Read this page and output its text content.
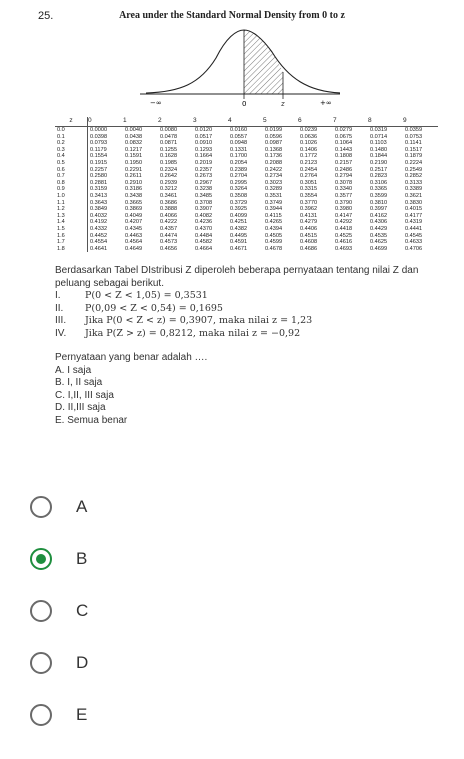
25.	Area under the Standard Normal Density from 0 to z
−∞	0	z	+∞
z	0	1	2	3	4	5	6	7	8	9
0.0	0.0000	0.0040	0.0080	0.0120	0.0160	0.0199	0.0239	0.0279	0.0319	0.0359
0.1	0.0398	0.0438	0.0478	0.0517	0.0557	0.0596	0.0636	0.0675	0.0714	0.0753
0.2	0.0793	0.0832	0.0871	0.0910	0.0948	0.0987	0.1026	0.1064	0.1103	0.1141
0.3	0.1179	0.1217	0.1255	0.1293	0.1331	0.1368	0.1406	0.1443	0.1480	0.1517
0.4	0.1554	0.1591	0.1628	0.1664	0.1700	0.1736	0.1772	0.1808	0.1844	0.1879
0.5	0.1915	0.1950	0.1985	0.2019	0.2054	0.2088	0.2123	0.2157	0.2190	0.2224
0.6	0.2257	0.2291	0.2324	0.2357	0.2389	0.2422	0.2454	0.2486	0.2517	0.2549
0.7	0.2580	0.2611	0.2642	0.2673	0.2704	0.2734	0.2764	0.2794	0.2823	0.2852
0.8	0.2881	0.2910	0.2939	0.2967	0.2995	0.3023	0.3051	0.3078	0.3106	0.3133
0.9	0.3159	0.3186	0.3212	0.3238	0.3264	0.3289	0.3315	0.3340	0.3365	0.3389
1.0	0.3413	0.3438	0.3461	0.3485	0.3508	0.3531	0.3554	0.3577	0.3599	0.3621
1.1	0.3643	0.3665	0.3686	0.3708	0.3729	0.3749	0.3770	0.3790	0.3810	0.3830
1.2	0.3849	0.3869	0.3888	0.3907	0.3925	0.3944	0.3962	0.3980	0.3997	0.4015
1.3	0.4032	0.4049	0.4066	0.4082	0.4099	0.4115	0.4131	0.4147	0.4162	0.4177
1.4	0.4192	0.4207	0.4222	0.4236	0.4251	0.4265	0.4279	0.4292	0.4306	0.4319
1.5	0.4332	0.4345	0.4357	0.4370	0.4382	0.4394	0.4406	0.4418	0.4429	0.4441
1.6	0.4452	0.4463	0.4474	0.4484	0.4495	0.4505	0.4515	0.4525	0.4535	0.4545
1.7	0.4554	0.4564	0.4573	0.4582	0.4591	0.4599	0.4608	0.4616	0.4625	0.4633
1.8	0.4641	0.4649	0.4656	0.4664	0.4671	0.4678	0.4686	0.4693	0.4699	0.4706

Berdasarkan Tabel DIstribusi Z diperoleh beberapa pernyataan tentang nilai Z dan peluang sebagai berikut.

I.	P(0 < Z < 1,05) = 0,3531
II.	P(0,09 < Z < 0,54) = 0,1695
III.	Jika P(0 < Z < z) = 0,3907, maka nilai z = 1,23
IV.	Jika P(Z > z) = 0,8212, maka nilai z = −0,92

Pernyataan yang benar adalah ….

A. I saja

B. I, II saja

C. I,II, III saja

D. II,III saja

E. Semua benar

A
B
C
D
E
